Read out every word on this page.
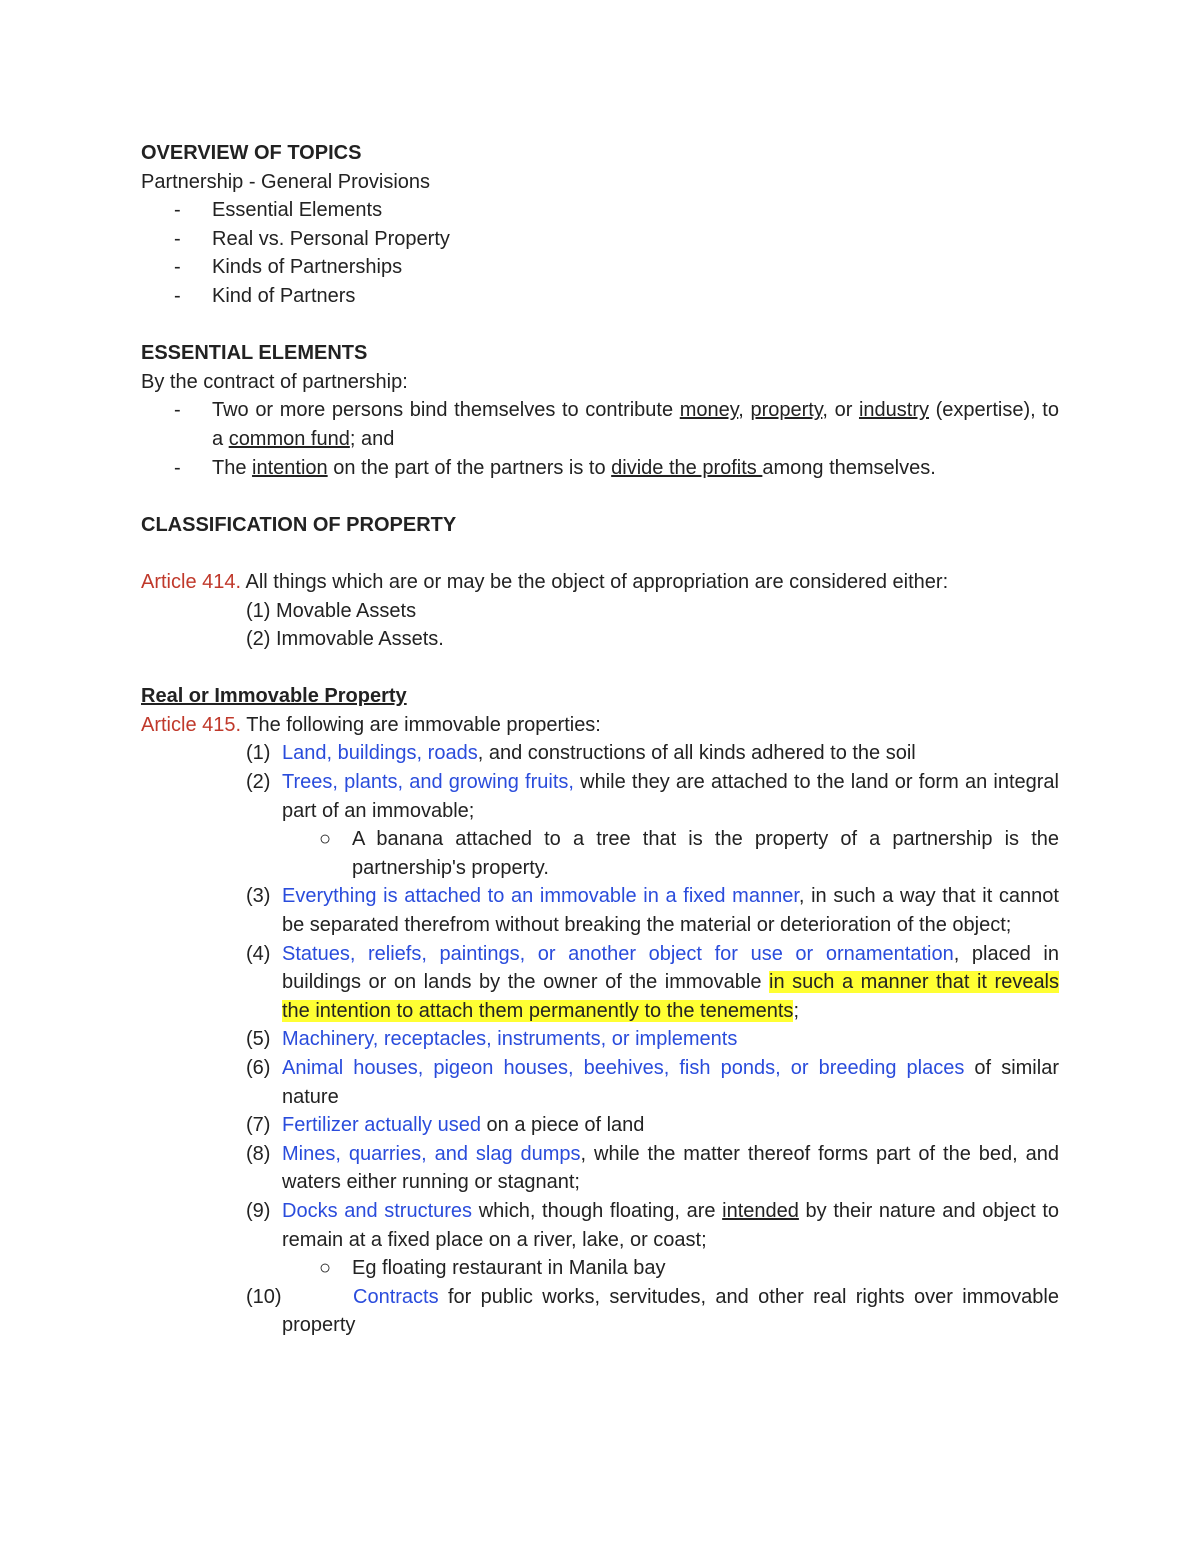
OVERVIEW OF TOPICS
Partnership - General Provisions
- Essential Elements
- Real vs. Personal Property
- Kinds of Partnerships
- Kind of Partners
ESSENTIAL ELEMENTS
By the contract of partnership:
- Two or more persons bind themselves to contribute money, property, or industry (expertise), to a common fund; and
- The intention on the part of the partners is to divide the profits among themselves.
CLASSIFICATION OF PROPERTY
Article 414. All things which are or may be the object of appropriation are considered either:
(1) Movable Assets
(2) Immovable Assets.
Real or Immovable Property
Article 415. The following are immovable properties:
(1) Land, buildings, roads, and constructions of all kinds adhered to the soil
(2) Trees, plants, and growing fruits, while they are attached to the land or form an integral part of an immovable;
○ A banana attached to a tree that is the property of a partnership is the partnership's property.
(3) Everything is attached to an immovable in a fixed manner, in such a way that it cannot be separated therefrom without breaking the material or deterioration of the object;
(4) Statues, reliefs, paintings, or another object for use or ornamentation, placed in buildings or on lands by the owner of the immovable in such a manner that it reveals the intention to attach them permanently to the tenements;
(5) Machinery, receptacles, instruments, or implements
(6) Animal houses, pigeon houses, beehives, fish ponds, or breeding places of similar nature
(7) Fertilizer actually used on a piece of land
(8) Mines, quarries, and slag dumps, while the matter thereof forms part of the bed, and waters either running or stagnant;
(9) Docks and structures which, though floating, are intended by their nature and object to remain at a fixed place on a river, lake, or coast;
○ Eg floating restaurant in Manila bay
(10)	Contracts for public works, servitudes, and other real rights over immovable property
